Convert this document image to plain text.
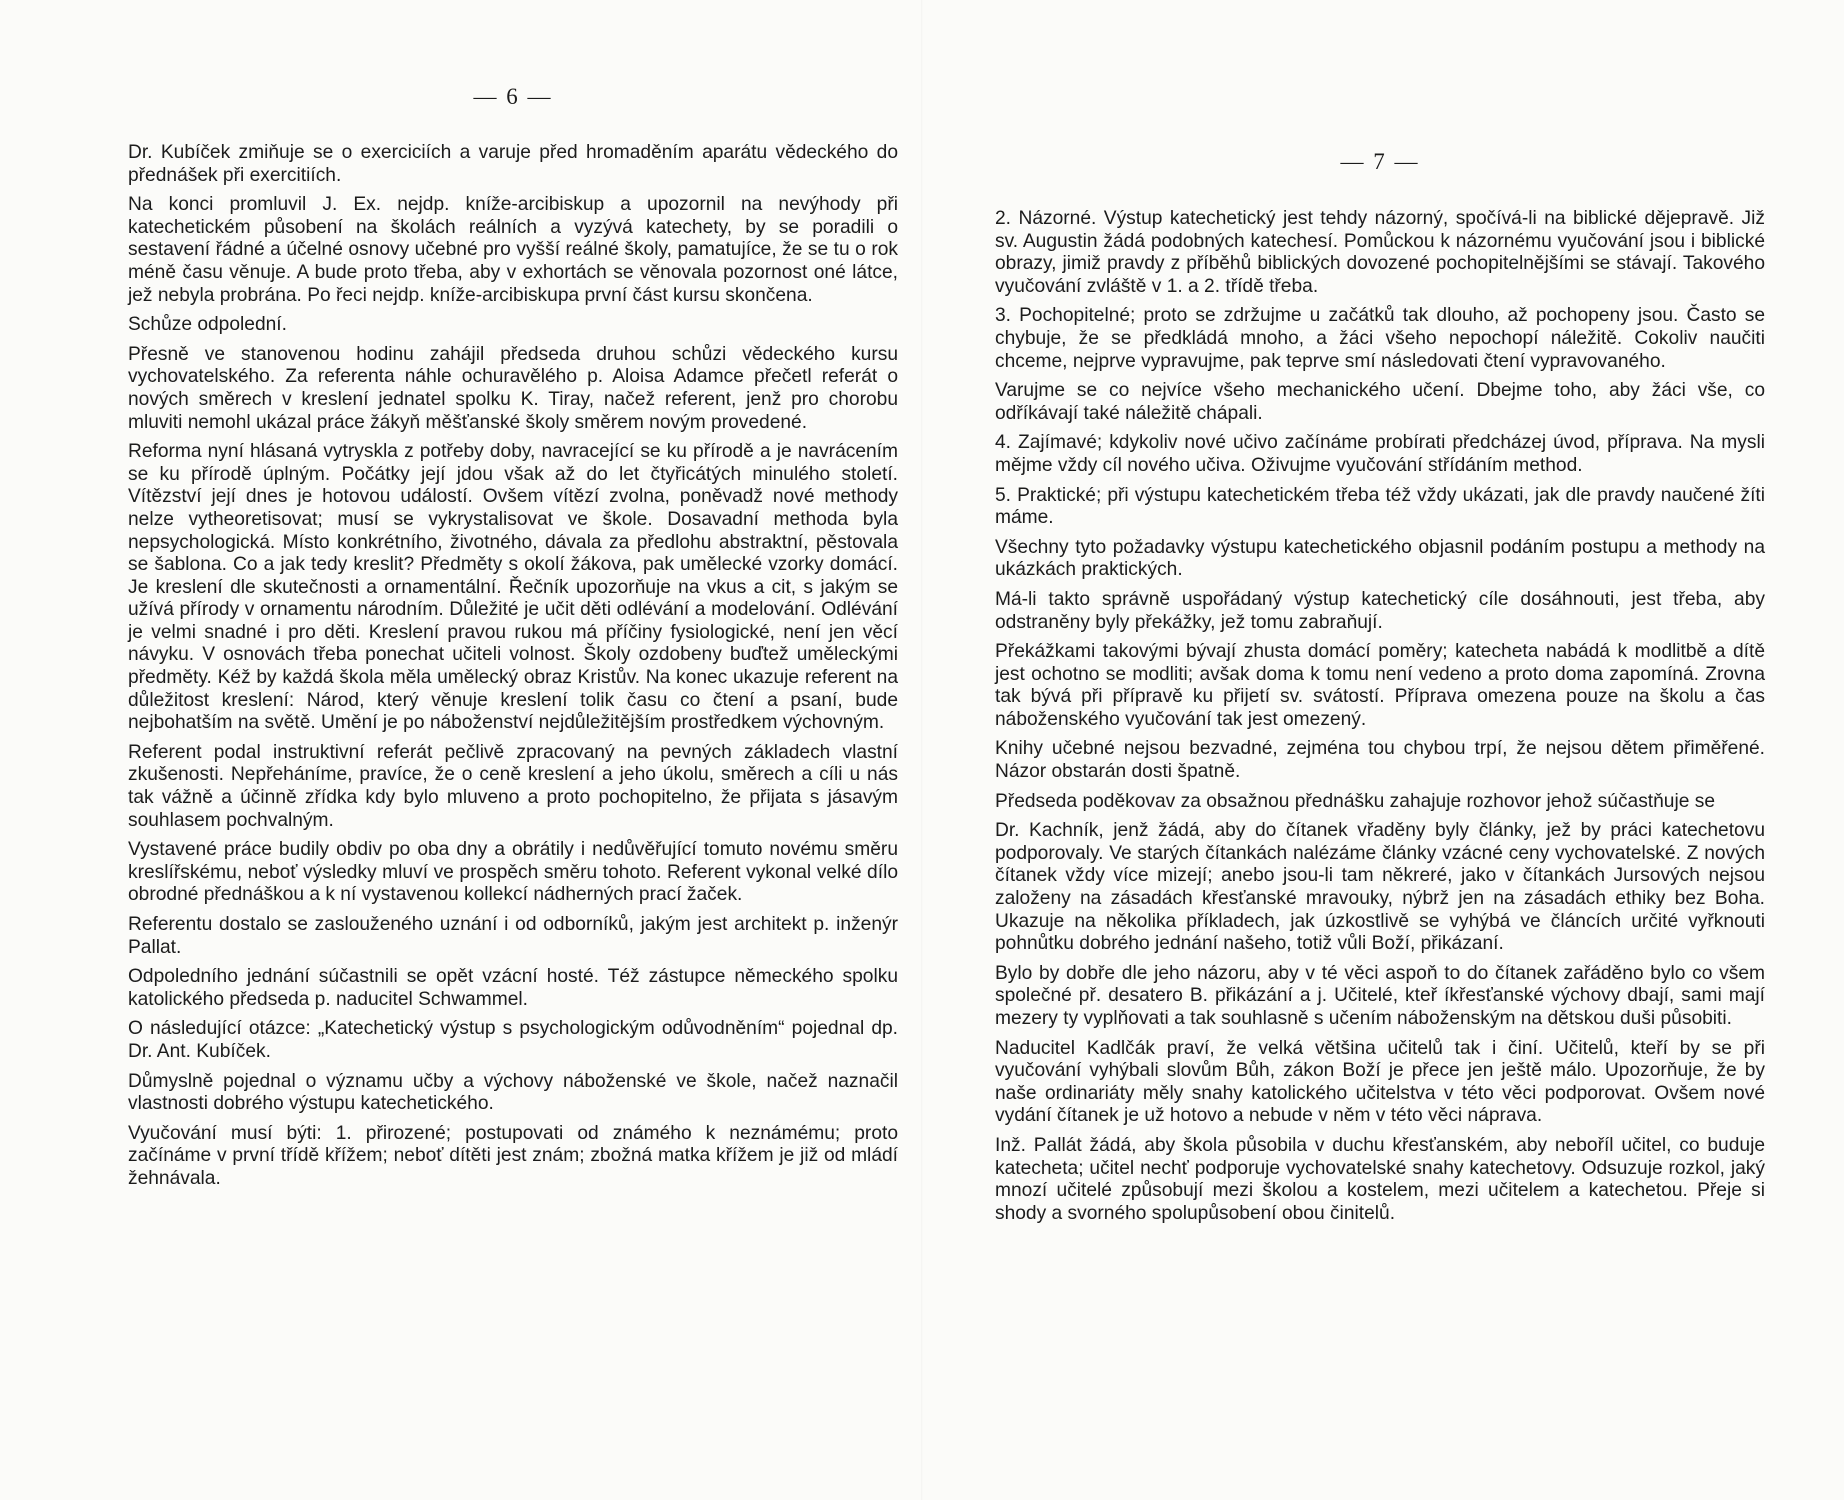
— 6 —

Dr. Kubíček zmiňuje se o exerciciích a varuje před hromaděním aparátu vědeckého do přednášek při exercitiích.

Na konci promluvil J. Ex. nejdp. kníže-arcibiskup a upozornil na nevýhody při katechetickém působení na školách reálních a vyzývá katechety, by se poradili o sestavení řádné a účelné osnovy učebné pro vyšší reálné školy, pamatujíce, že se tu o rok méně času věnuje. A bude proto třeba, aby v exhortách se věnovala pozornost oné látce, jež nebyla probrána. Po řeci nejdp. kníže-arcibiskupa první část kursu skončena.

Schůze odpolední.

Přesně ve stanovenou hodinu zahájil předseda druhou schůzi vědeckého kursu vychovatelského. Za referenta náhle ochuravělého p. Aloisa Adamce přečetl referát o nových směrech v kreslení jednatel spolku K. Tiray, načež referent, jenž pro chorobu mluviti nemohl ukázal práce žákyň měšťanské školy směrem novým provedené.

Reforma nyní hlásaná vytryskla z potřeby doby, navracející se ku přírodě a je navrácením se ku přírodě úplným. Počátky její jdou však až do let čtyřicátých minulého století. Vítězství její dnes je hotovou událostí. Ovšem vítězí zvolna, poněvadž nové methody nelze vytheoretisovat; musí se vykrystalisovat ve škole. Dosavadní methoda byla nepsychologická. Místo konkrétního, životného, dávala za předlohu abstraktní, pěstovala se šablona. Co a jak tedy kreslit? Předměty s okolí žákova, pak umělecké vzorky domácí. Je kreslení dle skutečnosti a ornamentální. Řečník upozorňuje na vkus a cit, s jakým se užívá přírody v ornamentu národním. Důležité je učit děti odlévání a modelování. Odlévání je velmi snadné i pro děti. Kreslení pravou rukou má příčiny fysiologické, není jen věcí návyku. V osnovách třeba ponechat učiteli volnost. Školy ozdobeny buďtež uměleckými předměty. Kéž by každá škola měla umělecký obraz Kristův. Na konec ukazuje referent na důležitost kreslení: Národ, který věnuje kreslení tolik času co čtení a psaní, bude nejbohatším na světě. Umění je po náboženství nejdůležitějším prostředkem výchovným.

Referent podal instruktivní referát pečlivě zpracovaný na pevných základech vlastní zkušenosti. Nepřeháníme, pravíce, že o ceně kreslení a jeho úkolu, směrech a cíli u nás tak vážně a účinně zřídka kdy bylo mluveno a proto pochopitelno, že přijata s jásavým souhlasem pochvalným.

Vystavené práce budily obdiv po oba dny a obrátily i nedůvěřující tomuto novému směru kreslířskému, neboť výsledky mluví ve prospěch směru tohoto. Referent vykonal velké dílo obrodné přednáškou a k ní vystavenou kollekcí nádherných prací žaček.

Referentu dostalo se zaslouženého uznání i od odborníků, jakým jest architekt p. inženýr Pallat.

Odpoledního jednání súčastnili se opět vzácní hosté. Též zástupce německého spolku katolického předseda p. naducitel Schwammel.

O následující otázce: „Katechetický výstup s psychologickým odůvodněním“ pojednal dp. Dr. Ant. Kubíček.

Důmyslně pojednal o významu učby a výchovy náboženské ve škole, načež naznačil vlastnosti dobrého výstupu katechetického.

Vyučování musí býti: 1. přirozené; postupovati od známého k neznámému; proto začínáme v první třídě křížem; neboť dítěti jest znám; zbožná matka křížem je již od mládí žehnávala.

— 7 —

2. Názorné. Výstup katechetický jest tehdy názorný, spočívá-li na biblické dějepravě. Již sv. Augustin žádá podobných katechesí. Pomůckou k názornému vyučování jsou i biblické obrazy, jimiž pravdy z příběhů biblických dovozené pochopitelnějšími se stávají. Takového vyučování zvláště v 1. a 2. třídě třeba.

3. Pochopitelné; proto se zdržujme u začátků tak dlouho, až pochopeny jsou. Často se chybuje, že se předkládá mnoho, a žáci všeho nepochopí náležitě. Cokoliv naučiti chceme, nejprve vypravujme, pak teprve smí následovati čtení vypravovaného.

Varujme se co nejvíce všeho mechanického učení. Dbejme toho, aby žáci vše, co odříkávají také náležitě chápali.

4. Zajímavé; kdykoliv nové učivo začínáme probírati předcházej úvod, příprava. Na mysli mějme vždy cíl nového učiva. Oživujme vyučování střídáním method.

5. Praktické; při výstupu katechetickém třeba též vždy ukázati, jak dle pravdy naučené žíti máme.

Všechny tyto požadavky výstupu katechetického objasnil podáním postupu a methody na ukázkách praktických.

Má-li takto správně uspořádaný výstup katechetický cíle dosáhnouti, jest třeba, aby odstraněny byly překážky, jež tomu zabraňují.

Překážkami takovými bývají zhusta domácí poměry; katecheta nabádá k modlitbě a dítě jest ochotno se modliti; avšak doma k tomu není vedeno a proto doma zapomíná. Zrovna tak bývá při přípravě ku přijetí sv. svátostí. Příprava omezena pouze na školu a čas náboženského vyučování tak jest omezený.

Knihy učebné nejsou bezvadné, zejména tou chybou trpí, že nejsou dětem přiměřené. Názor obstarán dosti špatně.

Předseda poděkovav za obsažnou přednášku zahajuje rozhovor jehož súčastňuje se

Dr. Kachník, jenž žádá, aby do čítanek vřaděny byly články, jež by práci katechetovu podporovaly. Ve starých čítankách nalézáme články vzácné ceny vychovatelské. Z nových čítanek vždy více mizejí; anebo jsou-li tam někreré, jako v čítankách Jursových nejsou založeny na zásadách křesťanské mravouky, nýbrž jen na zásadách ethiky bez Boha. Ukazuje na několika příkladech, jak úzkostlivě se vyhýbá ve článcích určité vyřknouti pohnůtku dobrého jednání našeho, totiž vůli Boží, přikázaní.

Bylo by dobře dle jeho názoru, aby v té věci aspoň to do čítanek zařáděno bylo co všem společné př. desatero B. přikázání a j. Učitelé, kteř íkřesťanské výchovy dbají, sami mají mezery ty vyplňovati a tak souhlasně s učením náboženským na dětskou duši působiti.

Naducitel Kadlčák praví, že velká většina učitelů tak i činí. Učitelů, kteří by se při vyučování vyhýbali slovům Bůh, zákon Boží je přece jen ještě málo. Upozorňuje, že by naše ordinariáty měly snahy katolického učitelstva v této věci podporovat. Ovšem nové vydání čítanek je už hotovo a nebude v něm v této věci náprava.

Inž. Pallát žádá, aby škola působila v duchu křesťanském, aby neboříl učitel, co buduje katecheta; učitel nechť podporuje vychovatelské snahy katechetovy. Odsuzuje rozkol, jaký mnozí učitelé způsobují mezi školou a kostelem, mezi učitelem a katechetou. Přeje si shody a svorného spolupůsobení obou činitelů.
